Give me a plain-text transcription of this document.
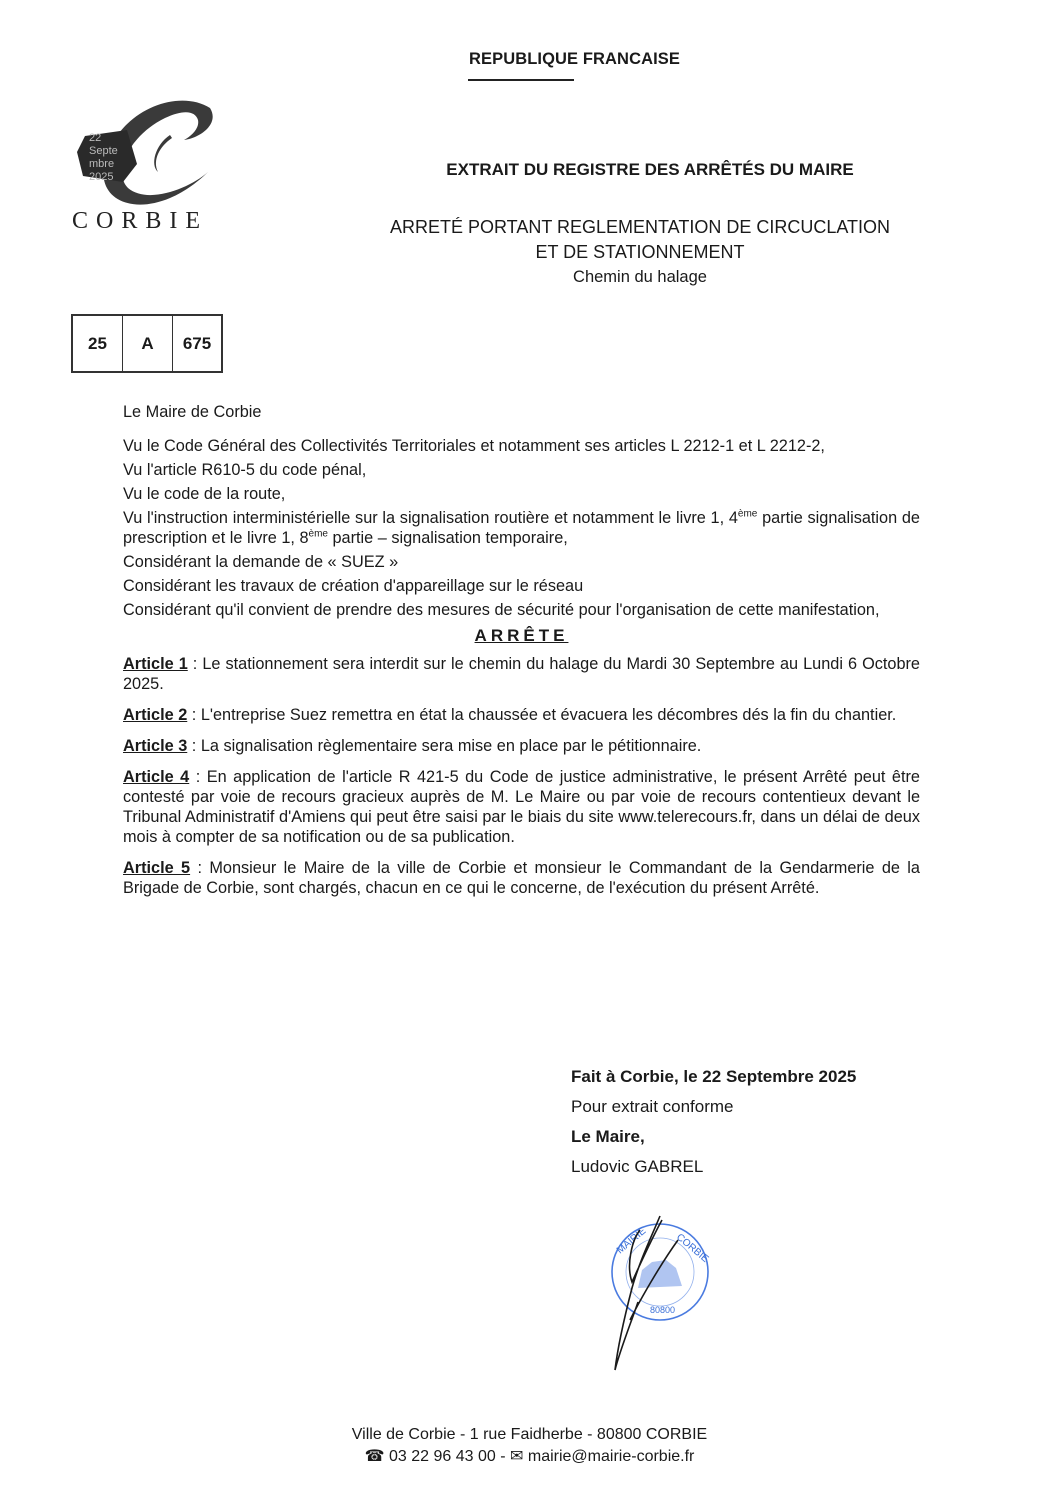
REPUBLIQUE FRANCAISE
22
Septe
mbre
2025
CORBIE
EXTRAIT DU REGISTRE DES ARRÊTÉS DU MAIRE
ARRETÉ PORTANT REGLEMENTATION DE CIRCUCLATION
ET DE STATIONNEMENT
Chemin du halage
25	A	675

Le Maire de Corbie

Vu le Code Général des Collectivités Territoriales et notamment ses articles L 2212-1 et L 2212-2,

Vu l'article R610-5 du code pénal,

Vu le code de la route,

Vu l'instruction interministérielle sur la signalisation routière et notamment le livre 1, 4ème partie signalisation de prescription et le livre 1, 8ème partie – signalisation temporaire,

Considérant la demande de « SUEZ »

Considérant les travaux de création d'appareillage sur le réseau

Considérant qu'il convient de prendre des mesures de sécurité pour l'organisation de cette manifestation,

ARRÊTE

Article 1 : Le stationnement sera interdit sur le chemin du halage du Mardi 30 Septembre au Lundi 6 Octobre 2025.

Article 2 : L'entreprise Suez remettra en état la chaussée et évacuera les décombres dés la fin du chantier.

Article 3 : La signalisation règlementaire sera mise en place par le pétitionnaire.

Article 4 : En application de l'article R 421-5 du Code de justice administrative, le présent Arrêté peut être contesté par voie de recours gracieux auprès de M. Le Maire ou par voie de recours contentieux devant le Tribunal Administratif d'Amiens qui peut être saisi par le biais du site www.telerecours.fr, dans un délai de deux mois à compter de sa notification ou de sa publication.

Article 5 : Monsieur le Maire de la ville de Corbie et monsieur le Commandant de la Gendarmerie de la Brigade de Corbie, sont chargés, chacun en ce qui le concerne, de l'exécution du présent Arrêté.

Fait à Corbie, le 22 Septembre 2025
Pour extrait conforme
Le Maire,
Ludovic GABREL
MAIRIE	CORBIE
80800
Ville de Corbie - 1 rue Faidherbe - 80800 CORBIE
☎ 03 22 96 43 00 - ✉ mairie@mairie-corbie.fr
